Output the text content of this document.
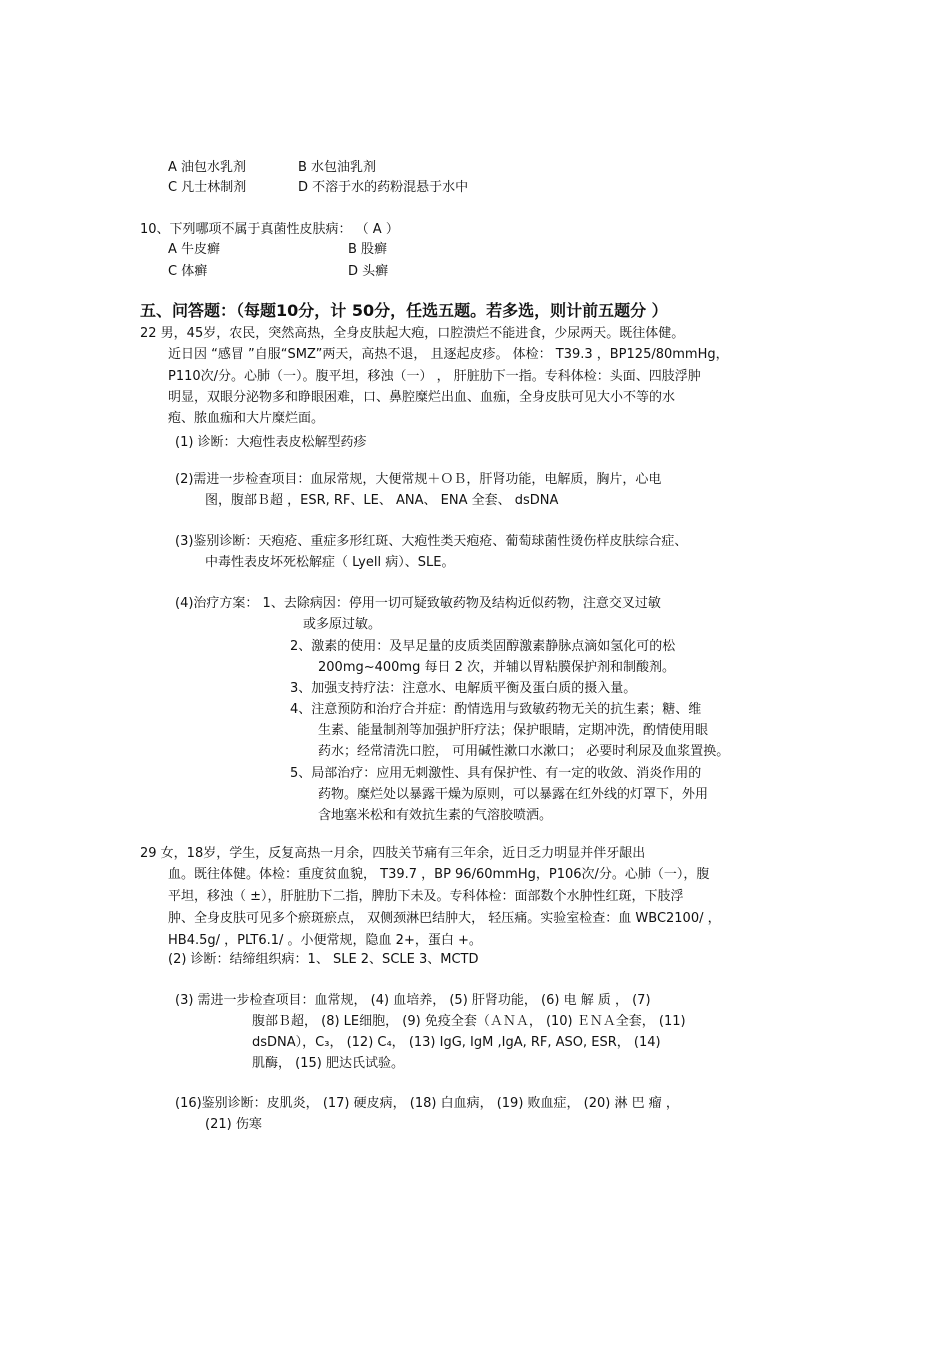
A 油包水乳剂	B 水包油乳剂
C 凡士林制剂	D 不溶于水的药粉混悬于水中
10、下列哪项不属于真菌性皮肤病： （ A ）
A 牛皮癣	B 股癣
C 体癣	D 头癣
五、问答题：（每题10分，计 50分，任选五题。若多选，则计前五题分 ）
22 男，45岁，农民，突然高热，全身皮肤起大疱，口腔溃烂不能进食，少尿两天。既往体健。
近日因 “感冒 ”自服“SMZ”两天，高热不退， 且逐起皮疹。 体检： T39.3 ，BP125/80mmHg，
P110次/分。心肺（一）。腹平坦，移浊（一） ， 肝脏肋下一指。专科体检：头面、四肢浮肿
明显，双眼分泌物多和睁眼困难，口、鼻腔糜烂出血、血痂，全身皮肤可见大小不等的水
疱、脓血痂和大片糜烂面。
(1) 诊断：大疱性表皮松解型药疹
(2)需进一步检查项目：血尿常规，大便常规＋ＯＢ，肝肾功能，电解质，胸片，心电
图，腹部Ｂ超 ，ESR, RF、LE、 ANA、 ENA 全套、 dsDNA
(3)鉴别诊断：天疱疮、重症多形红斑、大疱性类天疱疮、葡萄球菌性烫伤样皮肤综合症、
中毒性表皮坏死松解症（ Lyell 病）、SLE。
(4)治疗方案： 1、去除病因：停用一切可疑致敏药物及结构近似药物，注意交叉过敏
或多原过敏。
2、激素的使用：及早足量的皮质类固醇激素静脉点滴如氢化可的松
200mg~400mg 每日 2 次，并辅以胃粘膜保护剂和制酸剂。
3、加强支持疗法：注意水、电解质平衡及蛋白质的摄入量。
4、注意预防和治疗合并症：酌情选用与致敏药物无关的抗生素；糖、维
生素、能量制剂等加强护肝疗法；保护眼睛，定期冲洗，酌情使用眼
药水；经常清洗口腔， 可用碱性漱口水漱口； 必要时利尿及血浆置换。
5、局部治疗：应用无刺激性、具有保护性、有一定的收敛、消炎作用的
药物。糜烂处以暴露干燥为原则，可以暴露在红外线的灯罩下，外用
含地塞米松和有效抗生素的气溶胶喷洒。
29 女，18岁，学生，反复高热一月余，四肢关节痛有三年余，近日乏力明显并伴牙龈出
血。既往体健。体检：重度贫血貌， T39.7 ，BP 96/60mmHg，P106次/分。心肺（一），腹
平坦，移浊（ ±），肝脏肋下二指，脾肋下未及。专科体检：面部数个水肿性红斑，下肢浮
肿、全身皮肤可见多个瘀斑瘀点， 双侧颈淋巴结肿大， 轻压痛。实验室检查：血 WBC2100/ ，
HB4.5g/ ，PLT6.1/ 。小便常规，隐血 2+，蛋白 +。
(2) 诊断：结缔组织病：1、 SLE 2、SCLE 3、MCTD
(3) 需进一步检查项目：血常规， (4) 血培养， (5) 肝肾功能， (6) 电 解 质 ， (7)
腹部Ｂ超， (8) LE细胞， (9) 免疫全套（ＡＮＡ， (10) ＥＮＡ全套， (11)
dsDNA），C₃， (12) C₄， (13) IgG, IgM ,IgA, RF, ASO, ESR， (14)
肌酶， (15) 肥达氏试验。
(16)鉴别诊断：皮肌炎， (17) 硬皮病， (18) 白血病， (19) 败血症， (20) 淋 巴 瘤 ，
(21) 伤寒
